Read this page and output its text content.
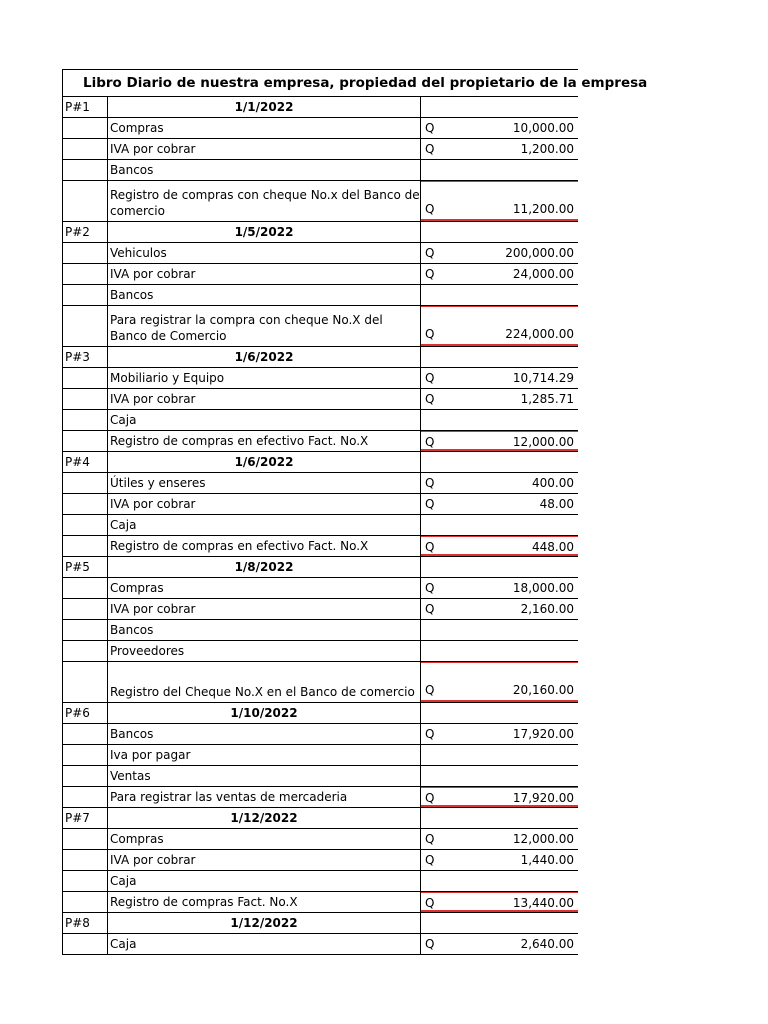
Libro Diario de nuestra empresa, propiedad del propietario de la empresa
P#1	1/1/2022
Compras	Q	10,000.00
IVA por cobrar	Q	1,200.00
Bancos
Registro de compras con cheque No.x del Banco de comercio	Q	11,200.00
P#2	1/5/2022
Vehiculos	Q	200,000.00
IVA por cobrar	Q	24,000.00
Bancos
Para registrar la compra con cheque No.X del Banco de Comercio	Q	224,000.00
P#3	1/6/2022
Mobiliario y Equipo	Q	10,714.29
IVA por cobrar	Q	1,285.71
Caja
Registro de compras en efectivo Fact. No.X	Q	12,000.00
P#4	1/6/2022
Útiles y enseres	Q	400.00
IVA por cobrar	Q	48.00
Caja
Registro de compras en efectivo Fact. No.X	Q	448.00
P#5	1/8/2022
Compras	Q	18,000.00
IVA por cobrar	Q	2,160.00
Bancos
Proveedores
Registro del Cheque No.X en el Banco de comercio Q	20,160.00
P#6	1/10/2022
Bancos	Q	17,920.00
Iva por pagar
Ventas
Para registrar las ventas de mercaderia	Q	17,920.00
P#7	1/12/2022
Compras	Q	12,000.00
IVA por cobrar	Q	1,440.00
Caja
Registro de compras Fact. No.X	Q	13,440.00
P#8	1/12/2022
Caja	Q	2,640.00
